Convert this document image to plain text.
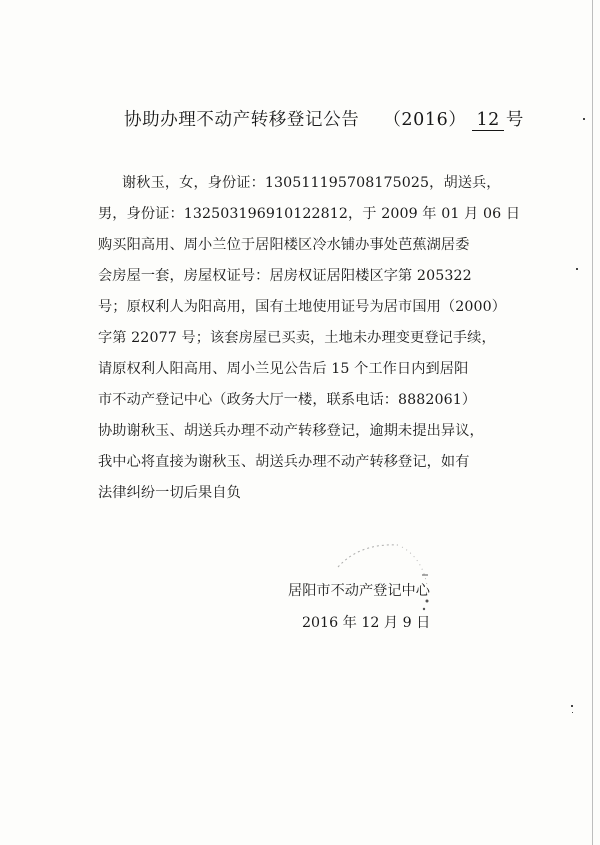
协助办理不动产转移登记公告 （2016） 12 号
谢秋玉，女，身份证：130511195708175025，胡送兵，
男，身份证：13250319691012281​2，于 2009 年 01 月 06 日
购买阳高用、周小兰位于居阳楼区冷水铺办事处芭蕉湖居委
会房屋一套，房屋权证号：居房权证居阳楼区字第 205322
号；原权利人为阳高用，国有土地使用证号为居市国用（2000）
字第 22077 号；该套房屋已买卖，土地未办理变更登记手续，
请原权利人阳高用、周小兰见公告后 15 个工作日内到居阳
市不动产登记中心（政务大厅一楼，联系电话：8882061）
协助谢秋玉、胡送兵办理不动产转移登记，逾期未提出异议，
我中心将直接为谢秋玉、胡送兵办理不动产转移登记，如有
法律纠纷一切后果自负
居阳市不动产登记中心
2016 年 12 月 9 日
